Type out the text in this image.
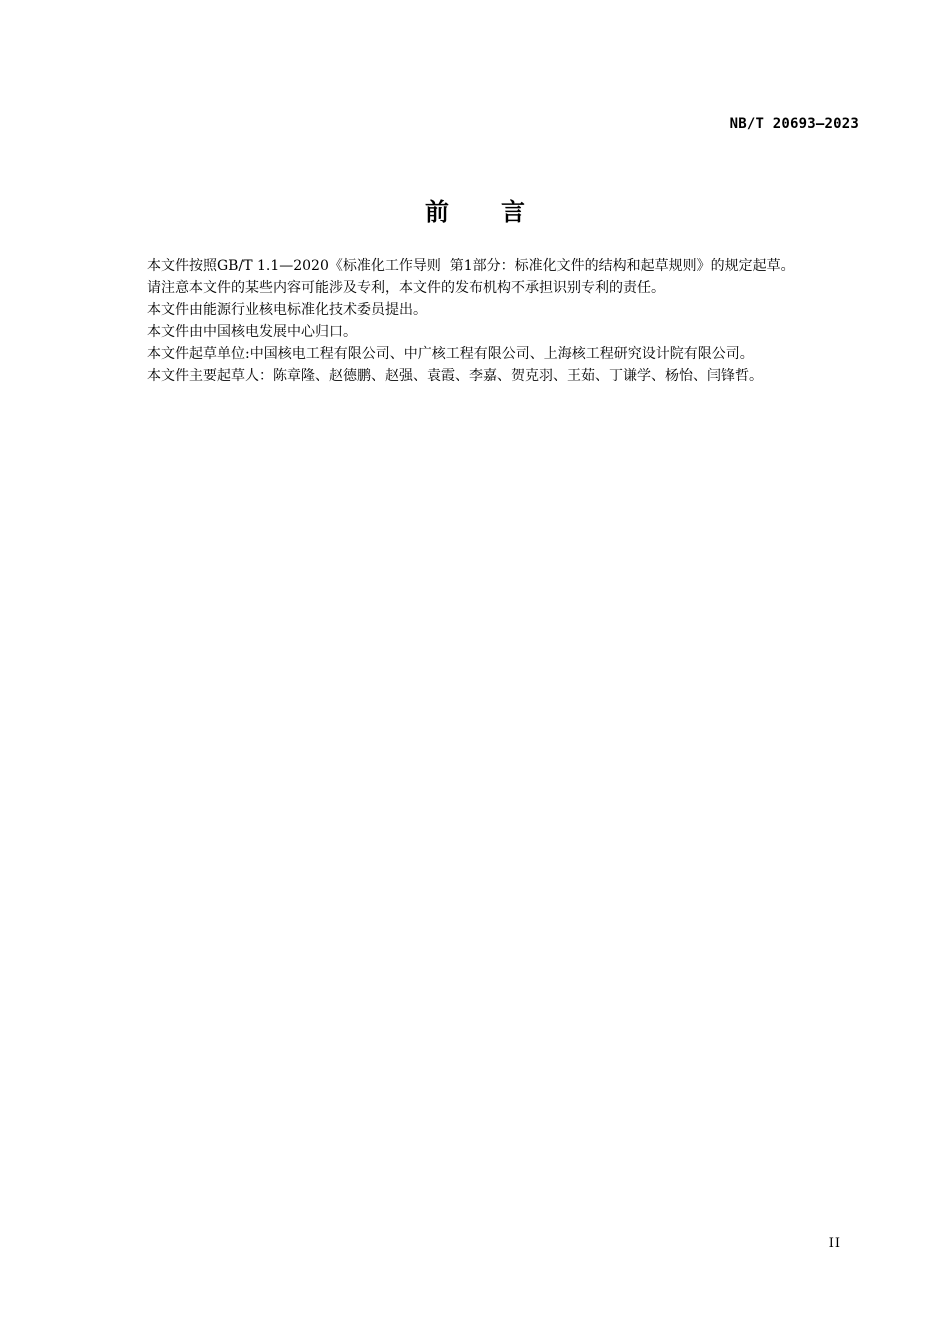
NB/T 20693—2023
前言

本文件按照GB/T 1.1—2020《标准化工作导则  第1部分：标准化文件的结构和起草规则》的规定起草。

请注意本文件的某些内容可能涉及专利，本文件的发布机构不承担识别专利的责任。

本文件由能源行业核电标准化技术委员提出。

本文件由中国核电发展中心归口。

本文件起草单位:中国核电工程有限公司、中广核工程有限公司、上海核工程研究设计院有限公司。

本文件主要起草人：陈章隆、赵德鹏、赵强、袁霞、李嘉、贺克羽、王茹、丁谦学、杨怡、闫锋哲。

II
